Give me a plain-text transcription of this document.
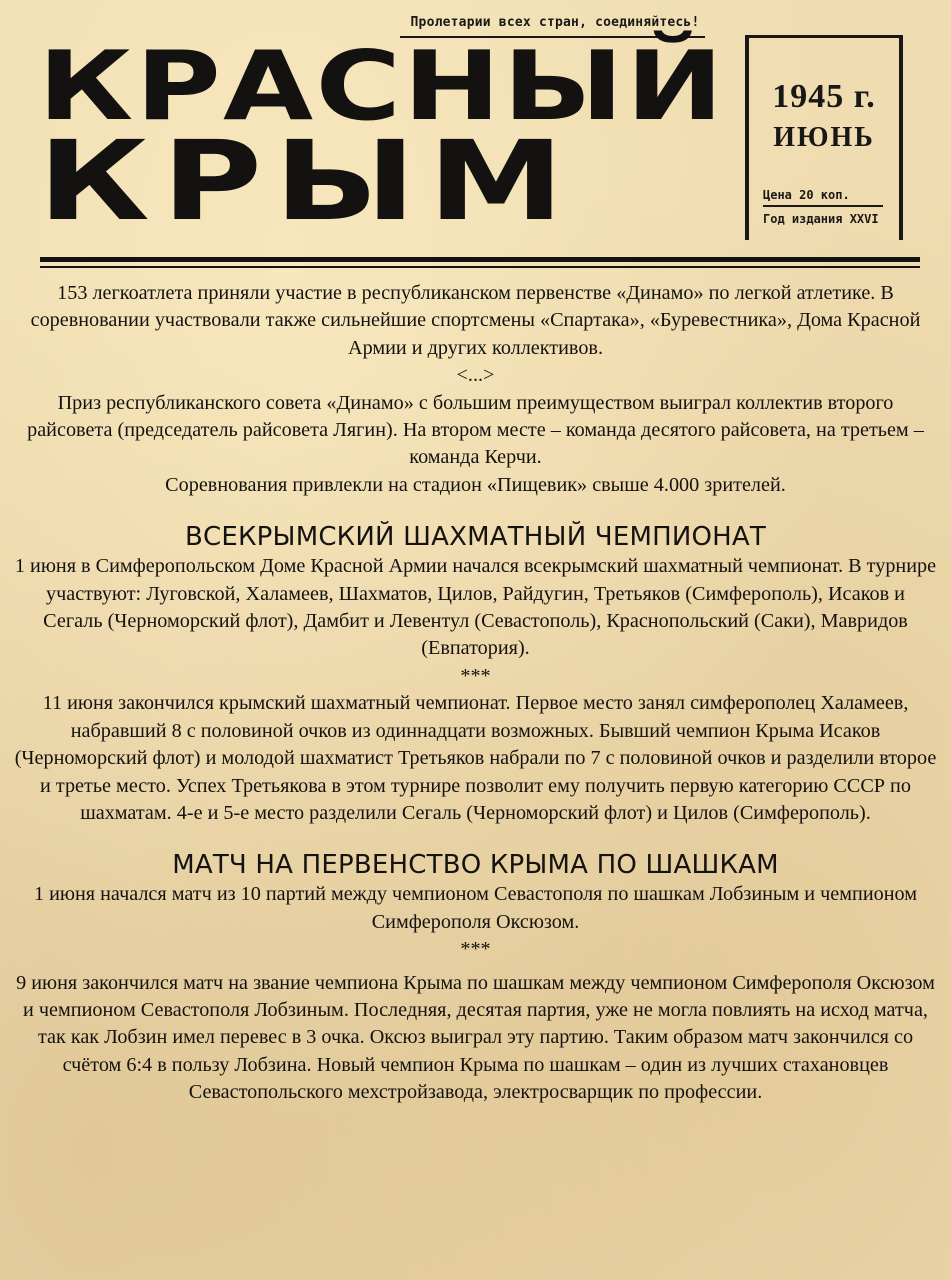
Пролетарии всех стран, соединяйтесь!
КРАСНЫЙ
КРЫМ
1945 г.
ИЮНЬ
Цена 20 коп.
Год издания XXVI

153 легкоатлета приняли участие в республиканском первенстве «Динамо» по легкой атлетике. В соревновании участвовали также сильнейшие спортсмены «Спартака», «Буревестника», Дома Красной Армии и других коллективов.

<...>

Приз республиканского совета «Динамо» с большим преимуществом выиграл коллектив второго райсовета (председатель райсовета Лягин). На втором месте – команда десятого райсовета, на третьем – команда Керчи.

Соревнования привлекли на стадион «Пищевик» свыше 4.000 зрителей.

ВСЕКРЫМСКИЙ ШАХМАТНЫЙ ЧЕМПИОНАТ

1 июня в Симферопольском Доме Красной Армии начался всекрымский шахматный чемпионат. В турнире участвуют: Луговской, Халамеев, Шахматов, Цилов, Райдугин, Третьяков (Симферополь), Исаков и Сегаль (Черноморский флот), Дамбит и Левентул (Севастополь), Краснопольский (Саки), Мавридов (Евпатория).

***

11 июня закончился крымский шахматный чемпионат. Первое место занял симферополец Халамеев, набравший 8 с половиной очков из одиннадцати возможных. Бывший чемпион Крыма Исаков (Черноморский флот) и молодой шахматист Третьяков набрали по 7 с половиной очков и разделили второе и третье место. Успех Третьякова в этом турнире позволит ему получить первую категорию СССР по шахматам. 4-е и 5-е место разделили Сегаль (Черноморский флот) и Цилов (Симферополь).

МАТЧ НА ПЕРВЕНСТВО КРЫМА ПО ШАШКАМ

1 июня начался матч из 10 партий между чемпионом Севастополя по шашкам Лобзиным и чемпионом Симферополя Оксюзом.

***

9 июня закончился матч на звание чемпиона Крыма по шашкам между чемпионом Симферополя Оксюзом и чемпионом Севастополя Лобзиным. Последняя, десятая партия, уже не могла повлиять на исход матча, так как Лобзин имел перевес в 3 очка. Оксюз выиграл эту партию. Таким образом матч закончился со счётом 6:4 в пользу Лобзина. Новый чемпион Крыма по шашкам – один из лучших стахановцев Севастопольского мехстройзавода, электросварщик по профессии.
